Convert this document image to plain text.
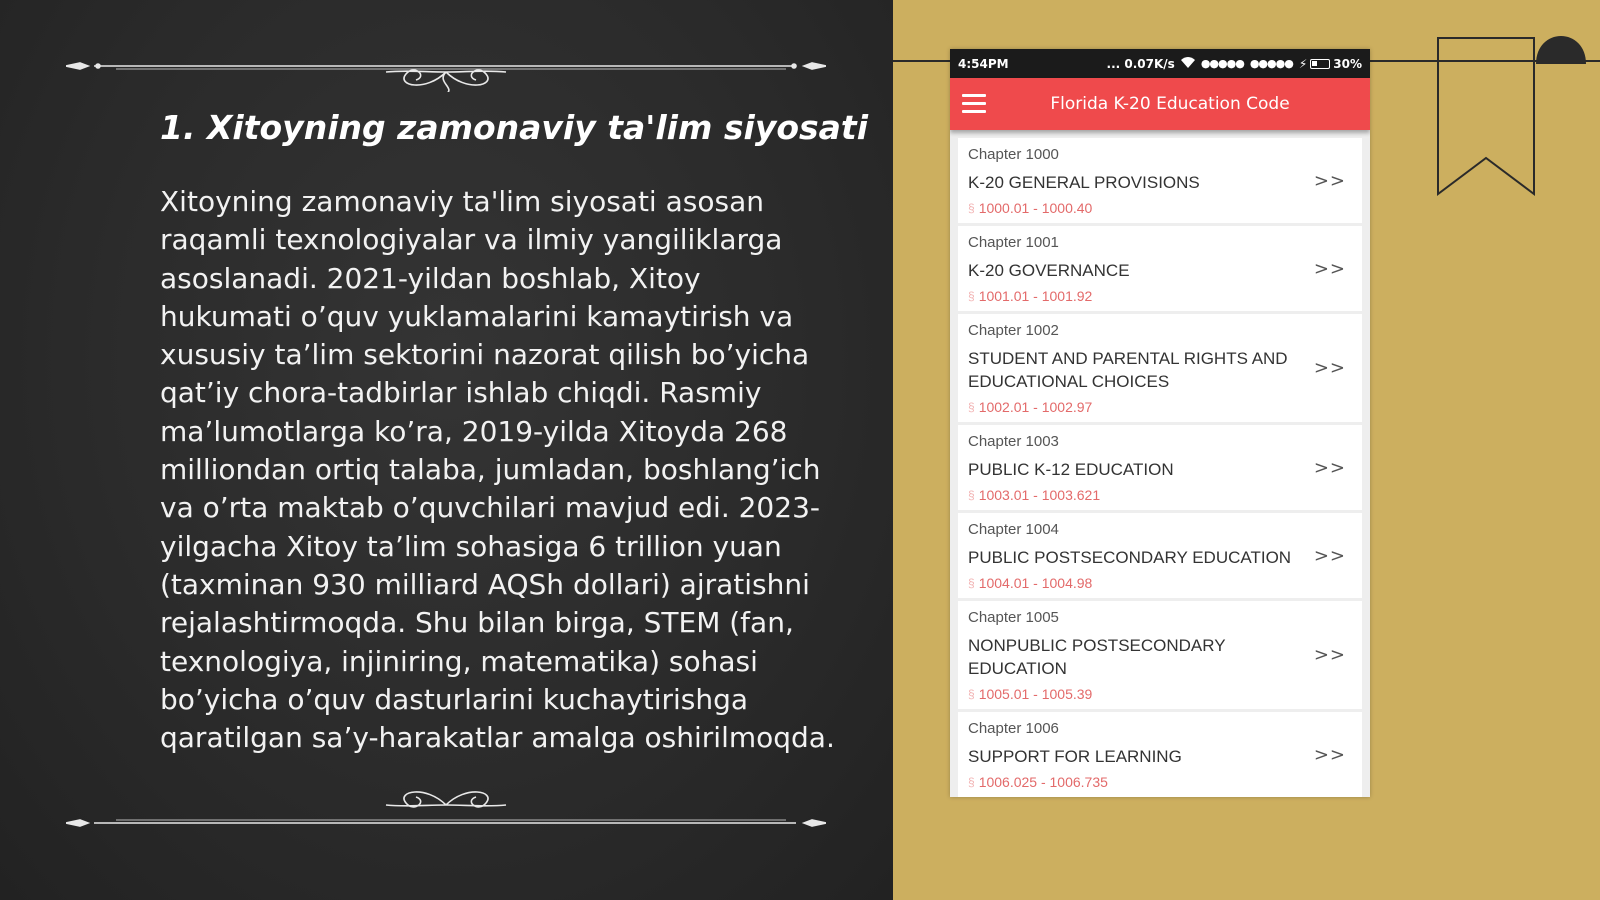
1. Xitoyning zamonaviy ta'lim siyosati
Xitoyning zamonaviy ta'lim siyosati asosan raqamli texnologiyalar va ilmiy yangiliklarga asoslanadi. 2021-yildan boshlab, Xitoy hukumati o’quv yuklamalarini kamaytirish va xususiy ta’lim sektorini nazorat qilish bo’yicha qat’iy chora-tadbirlar ishlab chiqdi. Rasmiy ma’lumotlarga ko’ra, 2019-yilda Xitoyda 268 milliondan ortiq talaba, jumladan, boshlang’ich va o’rta maktab o’quvchilari mavjud edi. 2023-yilgacha Xitoy ta’lim sohasiga 6 trillion yuan (taxminan 930 milliard AQSh dollari) ajratishni rejalashtirmoqda. Shu bilan birga, STEM (fan, texnologiya, injiniring, matematika) sohasi bo’yicha o’quv dasturlarini kuchaytirishga qaratilgan sa’y-harakatlar amalga oshirilmoqda.
4:54PM	... 0.07K/s ●●●●● ●●●●● ⚡ 30%
Florida K-20 Education Code
Chapter 1000
K-20 GENERAL PROVISIONS
§ 1000.01 - 1000.40
>>
Chapter 1001
K-20 GOVERNANCE
§ 1001.01 - 1001.92
>>
Chapter 1002
STUDENT AND PARENTAL RIGHTS AND EDUCATIONAL CHOICES
§ 1002.01 - 1002.97
>>
Chapter 1003
PUBLIC K-12 EDUCATION
§ 1003.01 - 1003.621
>>
Chapter 1004
PUBLIC POSTSECONDARY EDUCATION
§ 1004.01 - 1004.98
>>
Chapter 1005
NONPUBLIC POSTSECONDARY EDUCATION
§ 1005.01 - 1005.39
>>
Chapter 1006
SUPPORT FOR LEARNING
§ 1006.025 - 1006.735
>>
